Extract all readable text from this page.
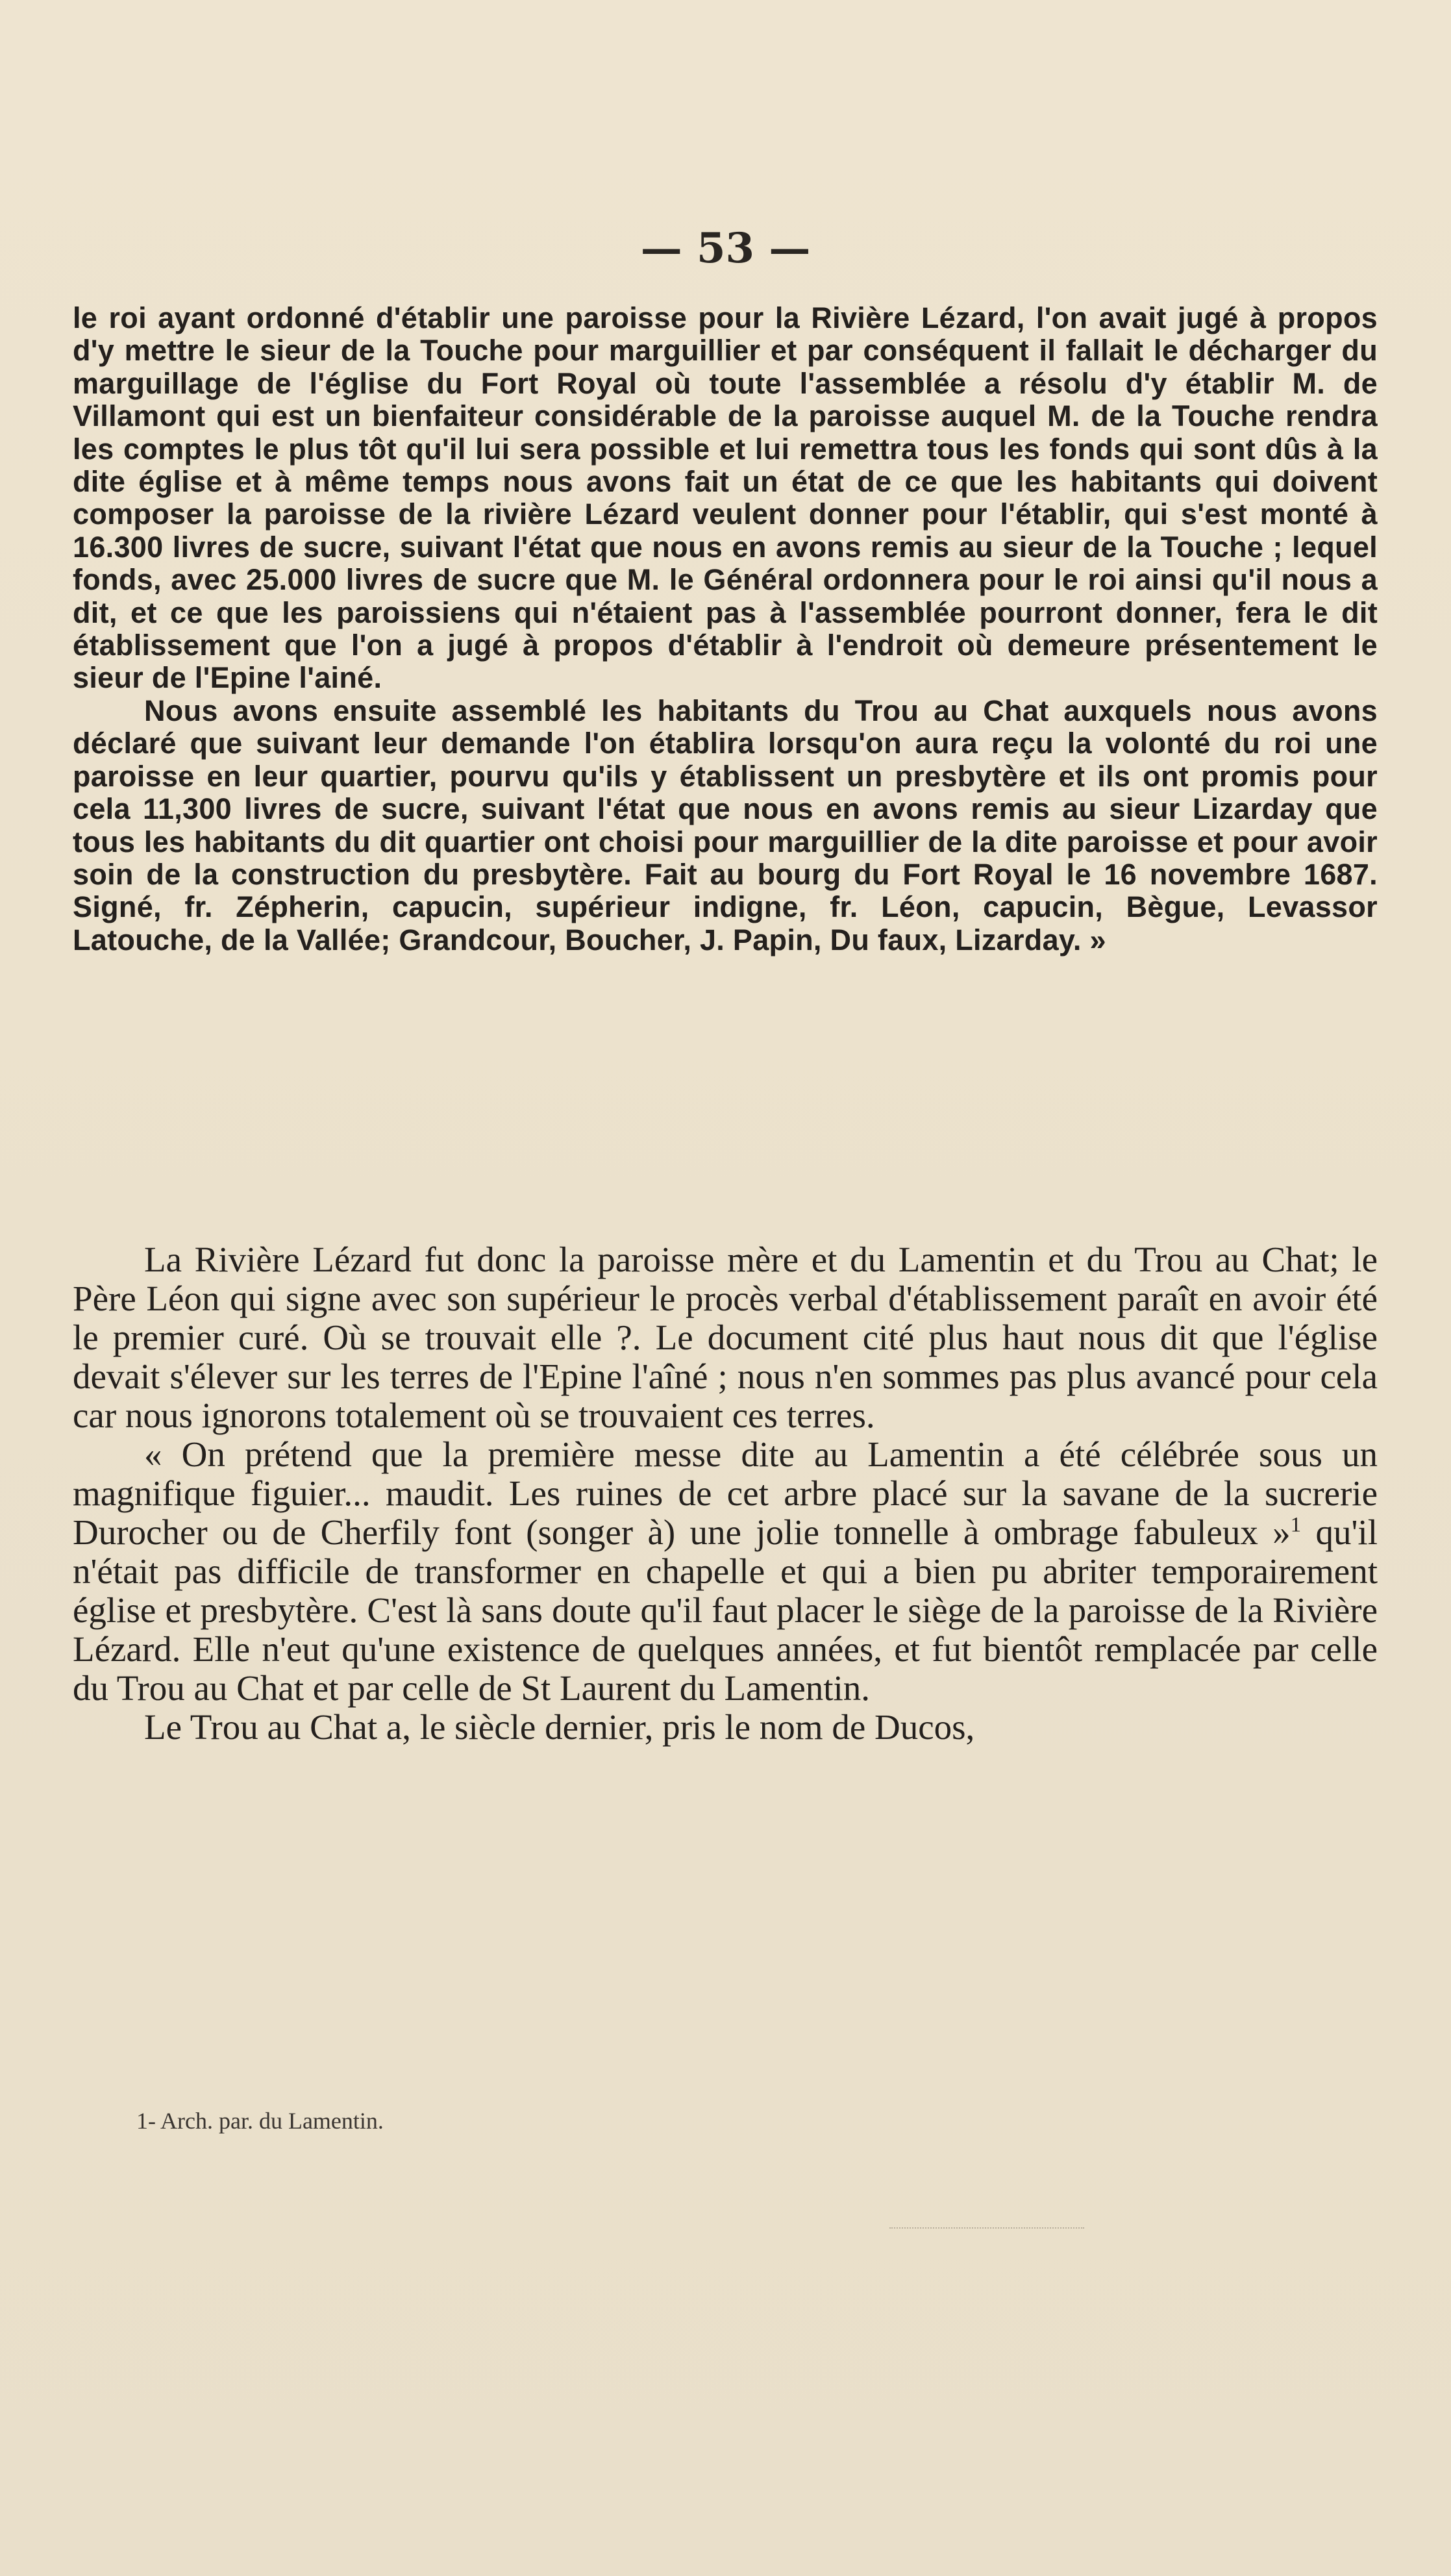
— 53 —

le roi ayant ordonné d'établir une paroisse pour la Rivière Lézard, l'on avait jugé à propos d'y mettre le sieur de la Touche pour marguillier et par conséquent il fallait le décharger du marguillage de l'église du Fort Royal où toute l'assemblée a résolu d'y établir M. de Villamont qui est un bienfaiteur considérable de la paroisse auquel M. de la Touche rendra les comptes le plus tôt qu'il lui sera possible et lui remettra tous les fonds qui sont dûs à la dite église et à même temps nous avons fait un état de ce que les habitants qui doivent composer la paroisse de la rivière Lézard veulent donner pour l'établir, qui s'est monté à 16.300 livres de sucre, suivant l'état que nous en avons remis au sieur de la Touche ; lequel fonds, avec 25.000 livres de sucre que M. le Général ordonnera pour le roi ainsi qu'il nous a dit, et ce que les paroissiens qui n'étaient pas à l'assemblée pourront donner, fera le dit établissement que l'on a jugé à propos d'établir à l'endroit où demeure présentement le sieur de l'Epine l'ainé.

Nous avons ensuite assemblé les habitants du Trou au Chat auxquels nous avons déclaré que suivant leur demande l'on établira lorsqu'on aura reçu la volonté du roi une paroisse en leur quartier, pourvu qu'ils y établissent un presbytère et ils ont promis pour cela 11,300 livres de sucre, suivant l'état que nous en avons remis au sieur Lizarday que tous les habitants du dit quartier ont choisi pour marguillier de la dite paroisse et pour avoir soin de la construction du presbytère. Fait au bourg du Fort Royal le 16 novembre 1687. Signé, fr. Zépherin, capucin, supérieur indigne, fr. Léon, capucin, Bègue, Levassor Latouche, de la Vallée; Grandcour, Boucher, J. Papin, Du faux, Lizarday. »

La Rivière Lézard fut donc la paroisse mère et du Lamentin et du Trou au Chat; le Père Léon qui signe avec son supérieur le procès verbal d'établissement paraît en avoir été le premier curé. Où se trouvait elle ?. Le document cité plus haut nous dit que l'église devait s'élever sur les terres de l'Epine l'aîné ; nous n'en sommes pas plus avancé pour cela car nous ignorons totalement où se trouvaient ces terres.

« On prétend que la première messe dite au Lamentin a été célébrée sous un magnifique figuier... maudit. Les ruines de cet arbre placé sur la savane de la sucrerie Durocher ou de Cherfily font (songer à) une jolie tonnelle à ombrage fabuleux »$^1$ qu'il n'était pas difficile de transformer en chapelle et qui a bien pu abriter temporairement église et presbytère. C'est là sans doute qu'il faut placer le siège de la paroisse de la Rivière Lézard. Elle n'eut qu'une existence de quelques années, et fut bientôt remplacée par celle du Trou au Chat et par celle de St Laurent du Lamentin.

Le Trou au Chat a, le siècle dernier, pris le nom de Ducos,

1- Arch. par. du Lamentin.
